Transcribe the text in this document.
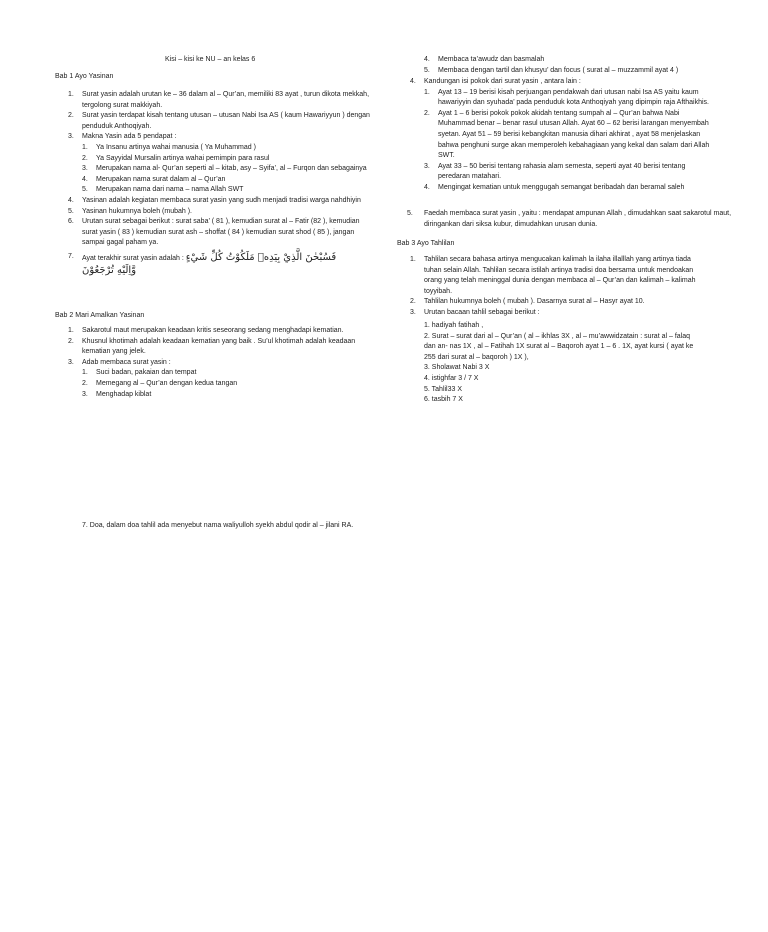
Kisi – kisi ke NU – an kelas 6
Bab 1 Ayo Yasinan
1. Surat yasin adalah urutan ke – 36 dalam al – Qur’an, memiliki 83 ayat , turun dikota mekkah, tergolong surat makkiyah.
2. Surat yasin terdapat kisah tentang utusan – utusan Nabi Isa AS ( kaum Hawariyyun ) dengan penduduk Anthoqiyah.
3. Makna Yasin ada 5 pendapat :
1. Ya Insanu artinya wahai manusia ( Ya Muhammad )
2. Ya Sayyidal Mursalin artinya wahai pemimpin para rasul
3. Merupakan nama al- Qur’an seperti al – kitab, asy – Syifa’, al – Furqon dan sebagainya
4. Merupakan nama surat dalam al – Qur’an
5. Merupakan nama dari nama – nama Allah SWT
4. Yasinan adalah kegiatan membaca surat yasin yang sudh menjadi tradisi warga nahdhiyin
5. Yasinan hukumnya boleh (mubah ).
6. Urutan surat sebagai berikut : surat saba’ ( 81 ), kemudian surat al – Fatir (82 ), kemudian surat yasin ( 83 ) kemudian surat ash – shoffat ( 84 ) kemudian surat shod ( 85 ), jangan sampai gagal paham ya.
7. Ayat terakhir surat yasin adalah : فَسُبْحٰنَ الَّذِيْ بِيَدِهٖ مَلَكُوْتُ كُلِّ شَيْءٍ
وَّاِلَيْهِ تُرْجَعُوْنَ
Bab 2 Mari Amalkan Yasinan
1. Sakarotul maut merupakan keadaan kritis seseorang sedang menghadapi kematian.
2. Khusnul khotimah adalah keadaan kematian yang baik . Su’ul khotimah adalah keadaan kematian yang jelek.
3. Adab membaca surat yasin :
1. Suci badan, pakaian dan tempat
2. Memegang al – Qur’an dengan kedua tangan
3. Menghadap kiblat
7. Doa, dalam doa tahlil ada menyebut nama waliyulloh syekh abdul qodir al – jilani RA.
4. Membaca ta’awudz dan basmalah
5. Membaca dengan tartil dan khusyu’ dan focus ( surat al – muzzammil ayat 4 )
4. Kandungan isi pokok dari surat yasin , antara lain :
1. Ayat 13 – 19 berisi kisah perjuangan pendakwah dari utusan nabi Isa AS yaitu kaum hawariyyin dan syuhada’ pada penduduk kota Anthoqiyah yang dipimpin raja Afthaikhis.
2. Ayat 1 – 6 berisi pokok pokok akidah tentang sumpah al – Qur’an bahwa Nabi Muhammad benar – benar rasul utusan Allah. Ayat 60 – 62 berisi larangan menyembah syetan. Ayat 51 – 59 berisi kebangkitan manusia dihari akhirat , ayat 58 menjelaskan bahwa penghuni surge akan memperoleh kebahagiaan yang kekal dan salam dari Allah SWT.
3. Ayat 33 – 50 berisi tentang rahasia alam semesta, seperti ayat 40 berisi tentang peredaran matahari.
4. Mengingat kematian untuk menggugah semangat beribadah dan beramal saleh
5. Faedah membaca surat yasin , yaitu : mendapat ampunan Allah , dimudahkan saat sakarotul maut, diringankan dari siksa kubur, dimudahkan urusan dunia.
Bab 3 Ayo Tahlilan
1. Tahlilan secara bahasa artinya mengucakan kalimah la ilaha illalllah yang artinya tiada tuhan selain Allah. Tahlilan secara istilah artinya tradisi doa bersama untuk mendoakan orang yang telah meninggal dunia dengan membaca al – Qur’an dan kalimah – kalimah toyyibah.
2. Tahlilan hukumnya boleh ( mubah ). Dasarnya surat al – Hasyr ayat 10.
3. Urutan bacaan tahlil sebagai berikut :
1. hadiyah fatihah ,
2. Surat – surat dari al – Qur’an ( al – ikhlas 3X , al – mu’awwidzatain : surat al – falaq dan an- nas 1X , al – Fatihah 1X surat al – Baqoroh ayat 1 – 6 . 1X, ayat kursi ( ayat ke 255 dari surat al – baqoroh ) 1X ),
3. Sholawat Nabi 3 X
4. istighfar 3 / 7 X
5. Tahlil33 X
6. tasbih 7 X
